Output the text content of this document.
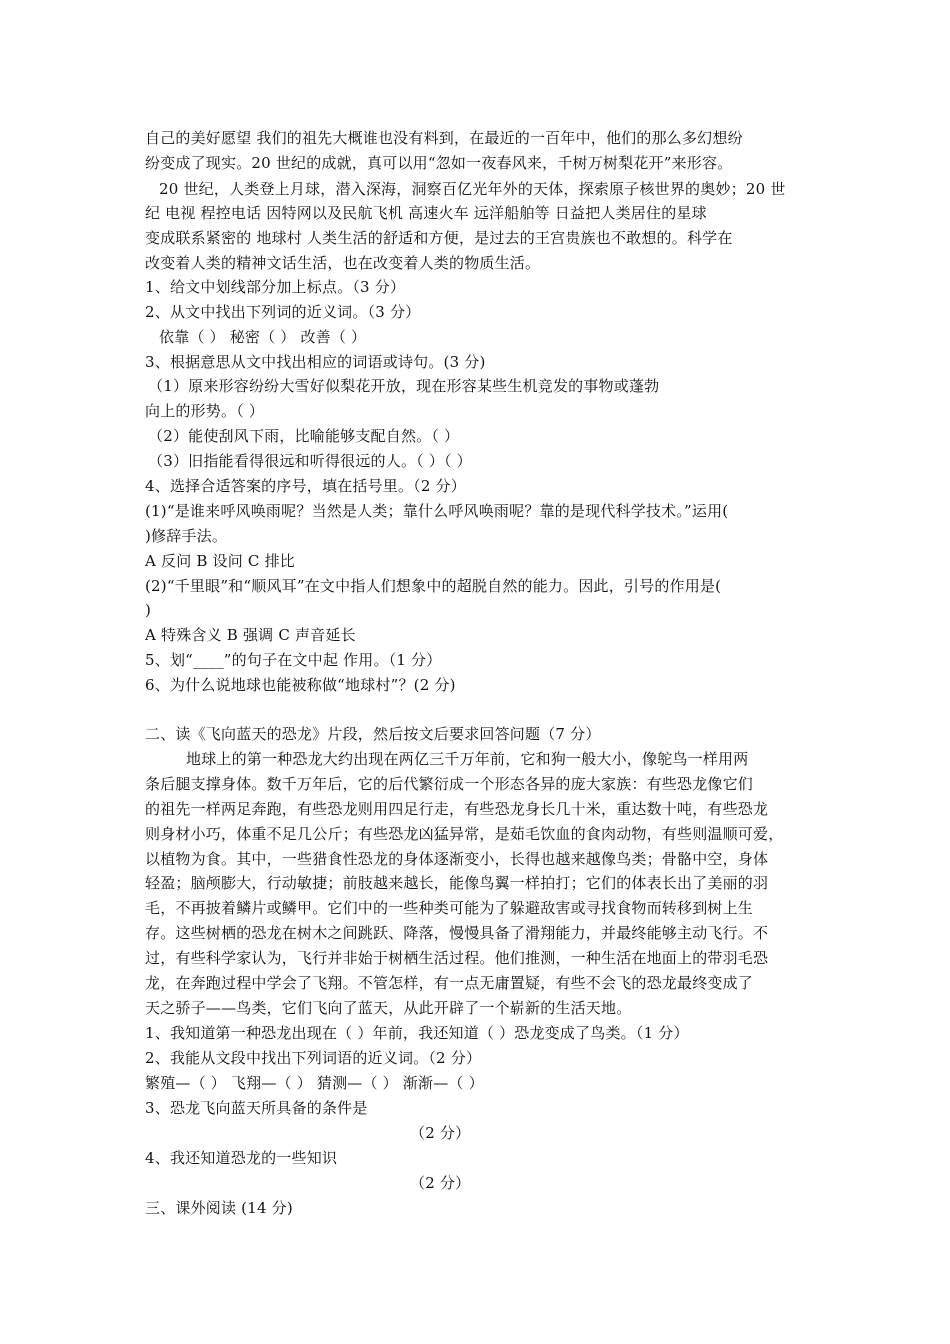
自己的美好愿望 我们的祖先大概谁也没有料到，在最近的一百年中，他们的那么多幻想纷
纷变成了现实。20 世纪的成就，真可以用“忽如一夜春风来，千树万树梨花开”来形容。
20 世纪，人类登上月球，潜入深海，洞察百亿光年外的天体，探索原子核世界的奥妙；20 世
纪 电视 程控电话 因特网以及民航飞机 高速火车 远洋船舶等 日益把人类居住的星球
变成联系紧密的 地球村 人类生活的舒适和方便，是过去的王宫贵族也不敢想的。科学在
改变着人类的精神文话生活，也在改变着人类的物质生活。
1、给文中划线部分加上标点。（3 分）
2、从文中找出下列词的近义词。（3 分）
依靠（ ） 秘密（ ） 改善（ ）
3、根据意思从文中找出相应的词语或诗句。(3 分)
（1）原来形容纷纷大雪好似梨花开放，现在形容某些生机竞发的事物或蓬勃
向上的形势。（ ）
（2）能使刮风下雨，比喻能够支配自然。（ ）
（3）旧指能看得很远和听得很远的人。（ ）（ ）
4、选择合适答案的序号，填在括号里。（2 分）
(1)“是谁来呼风唤雨呢？当然是人类；靠什么呼风唤雨呢？靠的是现代科学技术。”运用(
)修辞手法。
A 反问 B 设问 C 排比
(2)“千里眼”和“顺风耳”在文中指人们想象中的超脱自然的能力。因此，引号的作用是(
)
A 特殊含义 B 强调 C 声音延长
5、划“____”的句子在文中起 作用。（1 分）
6、为什么说地球也能被称做“地球村”？(2 分)
二、读《飞向蓝天的恐龙》片段，然后按文后要求回答问题（7 分）
地球上的第一种恐龙大约出现在两亿三千万年前，它和狗一般大小，像鸵鸟一样用两
条后腿支撑身体。数千万年后，它的后代繁衍成一个形态各异的庞大家族：有些恐龙像它们
的祖先一样两足奔跑，有些恐龙则用四足行走，有些恐龙身长几十米，重达数十吨，有些恐龙
则身材小巧，体重不足几公斤；有些恐龙凶猛异常，是茹毛饮血的食肉动物，有些则温顺可爱，
以植物为食。其中，一些猎食性恐龙的身体逐渐变小，长得也越来越像鸟类；骨骼中空，身体
轻盈；脑颅膨大，行动敏捷；前肢越来越长，能像鸟翼一样拍打；它们的体表长出了美丽的羽
毛，不再披着鳞片或鳞甲。它们中的一些种类可能为了躲避敌害或寻找食物而转移到树上生
存。这些树栖的恐龙在树木之间跳跃、降落，慢慢具备了滑翔能力，并最终能够主动飞行。不
过，有些科学家认为，飞行并非始于树栖生活过程。他们推测，一种生活在地面上的带羽毛恐
龙，在奔跑过程中学会了飞翔。不管怎样，有一点无庸置疑，有些不会飞的恐龙最终变成了
天之骄子——鸟类，它们飞向了蓝天，从此开辟了一个崭新的生活天地。
1、我知道第一种恐龙出现在（ ）年前，我还知道（ ）恐龙变成了鸟类。（1 分）
2、我能从文段中找出下列词语的近义词。（2 分）
繁殖—（ ） 飞翔—（ ） 猜测—（ ） 渐渐—（ ）
3、恐龙飞向蓝天所具备的条件是
（2 分）
4、我还知道恐龙的一些知识
（2 分）
三、课外阅读 (14 分)
